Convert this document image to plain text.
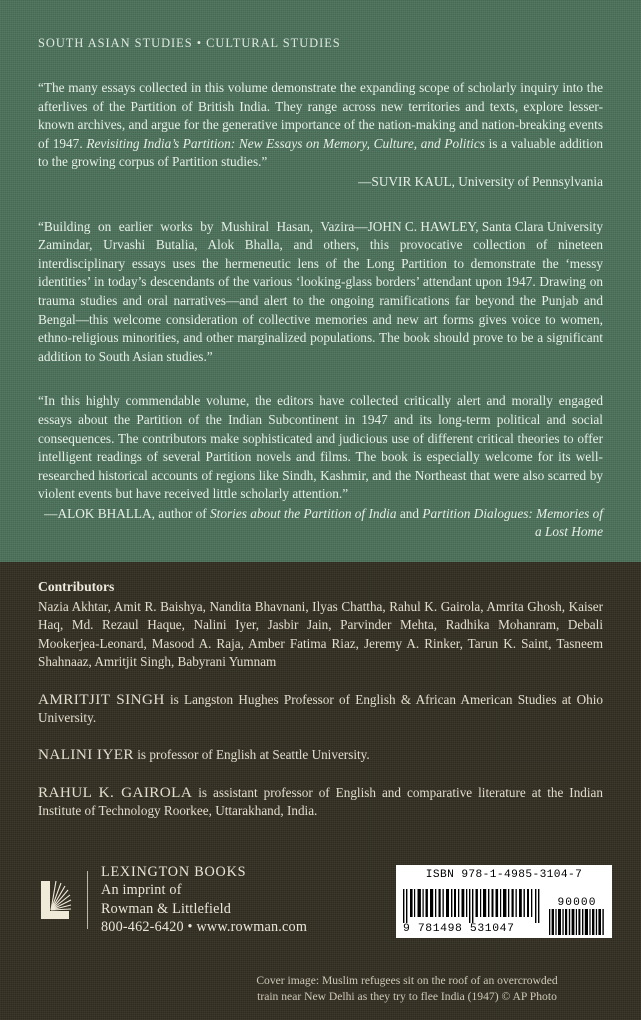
SOUTH ASIAN STUDIES • CULTURAL STUDIES

“The many essays collected in this volume demonstrate the expanding scope of scholarly inquiry into the afterlives of the Partition of British India. They range across new territories and texts, explore lesser-known archives, and argue for the generative importance of the nation-making and nation-breaking events of 1947. Revisiting India’s Partition: New Essays on Memory, Culture, and Politics is a valuable addition to the growing corpus of Partition studies.”

—SUVIR KAUL, University of Pennsylvania

—JOHN C. HAWLEY, Santa Clara University
“Building on earlier works by Mushiral Hasan, Vazira Zamindar, Urvashi Butalia, Alok Bhalla, and others, this provocative collection of nineteen interdisciplinary essays uses the hermeneutic lens of the Long Partition to demonstrate the ‘messy identities’ in today’s descendants of the various ‘looking-glass borders’ attendant upon 1947. Drawing on trauma studies and oral narratives—and alert to the ongoing ramifications far beyond the Punjab and Bengal—this welcome consideration of collective memories and new art forms gives voice to women, ethno-religious minorities, and other marginalized populations. The book should prove to be a significant addition to South Asian studies.”

“In this highly commendable volume, the editors have collected critically alert and morally engaged essays about the Partition of the Indian Subcontinent in 1947 and its long-term political and social consequences. The contributors make sophisticated and judicious use of different critical theories to offer intelligent readings of several Partition novels and films. The book is especially welcome for its well-researched historical accounts of regions like Sindh, Kashmir, and the Northeast that were also scarred by violent events but have received little scholarly attention.”

—ALOK BHALLA, author of Stories about the Partition of India and Partition Dialogues: Memories of a Lost Home
Contributors

Nazia Akhtar, Amit R. Baishya, Nandita Bhavnani, Ilyas Chattha, Rahul K. Gairola, Amrita Ghosh, Kaiser Haq, Md. Rezaul Haque, Nalini Iyer, Jasbir Jain, Parvinder Mehta, Radhika Mohanram, Debali Mookerjea-Leonard, Masood A. Raja, Amber Fatima Riaz, Jeremy A. Rinker, Tarun K. Saint, Tasneem Shahnaaz, Amritjit Singh, Babyrani Yumnam

AMRITJIT SINGH is Langston Hughes Professor of English & African American Studies at Ohio University.

NALINI IYER is professor of English at Seattle University.

RAHUL K. GAIROLA is assistant professor of English and comparative literature at the Indian Institute of Technology Roorkee, Uttarakhand, India.

LEXINGTON BOOKS
An imprint of
Rowman & Littlefield
800-462-6420 • www.rowman.com
ISBN 978-1-4985-3104-7
9 781498 531047
90000

Cover image: Muslim refugees sit on the roof of an overcrowded

train near New Delhi as they try to flee India (1947) © AP Photo
